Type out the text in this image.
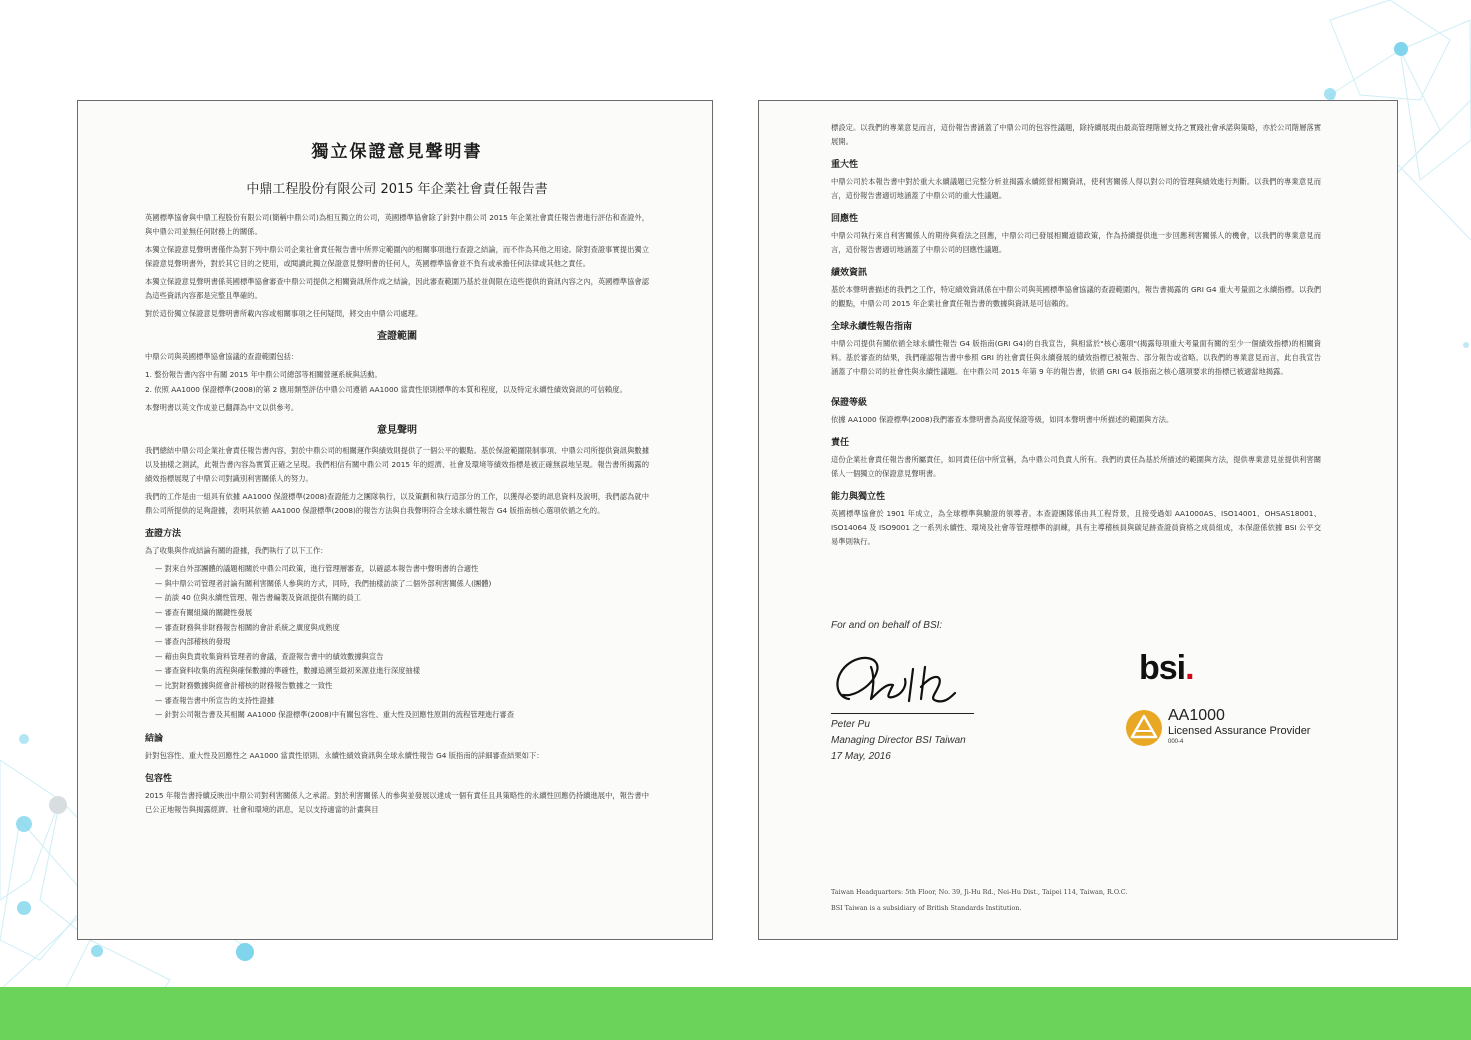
獨立保證意見聲明書
中鼎工程股份有限公司 2015 年企業社會責任報告書

英國標準協會與中鼎工程股份有限公司(簡稱中鼎公司)為相互獨立的公司，英國標準協會除了針對中鼎公司 2015 年企業社會責任報告書進行評估和查證外，與中鼎公司並無任何財務上的關係。

本獨立保證意見聲明書僅作為對下列中鼎公司企業社會責任報告書中所界定範圍內的相關事項進行查證之結論，而不作為其他之用途。除對查證事實提出獨立保證意見聲明書外，對於其它目的之使用，或閱讀此獨立保證意見聲明書的任何人，英國標準協會並不負有或承擔任何法律或其他之責任。

本獨立保證意見聲明書係英國標準協會審查中鼎公司提供之相關資訊所作成之結論，因此審查範圍乃基於並侷限在這些提供的資訊內容之內，英國標準協會認為這些資訊內容都是完整且準確的。

對於這份獨立保證意見聲明書所載內容或相關事項之任何疑問，將交由中鼎公司處理。

查證範圍

中鼎公司與英國標準協會協議的查證範圍包括：

1. 整份報告書內容中有關 2015 年中鼎公司總部等相關營運系統與活動。
2. 依照 AA1000 保證標準(2008)的第 2 應用類型評估中鼎公司遵循 AA1000 當責性原則標準的本質和程度，以及特定永續性績效資訊的可信賴度。

本聲明書以英文作成並已翻譯為中文以供參考。

意見聲明

我們總結中鼎公司企業社會責任報告書內容，對於中鼎公司的相關運作與績效則提供了一個公平的觀點。基於保證範圍限制事項、中鼎公司所提供資訊與數據以及抽樣之測試，此報告書內容為實質正確之呈現。我們相信有關中鼎公司 2015 年的經濟、社會及環境等績效指標是被正確無誤地呈現。報告書所揭露的績效指標展現了中鼎公司對識別利害關係人的努力。

我們的工作是由一組具有依據 AA1000 保證標準(2008)查證能力之團隊執行，以及策劃和執行這部分的工作，以獲得必要的訊息資料及說明，我們認為就中鼎公司所提供的足夠證據，表明其依循 AA1000 保證標準(2008)的報告方法與自我聲明符合全球永續性報告 G4 版指南核心選項依循之允的。

查證方法

為了收集與作成結論有關的證據，我們執行了以下工作：

— 對來自外部團體的議題相關於中鼎公司政策，進行管理層審查，以確認本報告書中聲明書的合適性
— 與中鼎公司管理者討論有關利害關係人參與的方式，同時，我們抽樣訪談了二個外部利害關係人(團體)
— 訪談 40 位與永續性管理、報告書編製及資訊提供有關的員工
— 審查有關組織的關鍵性發展
— 審查財務與非財務報告相關的會計系統之廣度與成熟度
— 審查內部稽核的發現
— 藉由與負責收集資料管理者的會議，查證報告書中的績效數據與宣告
— 審查資料收集的流程與確保數據的準確性，數據追溯至最初來源並進行深度抽樣
— 比對財務數據與經會計稽核的財務報告數據之一致性
— 審查報告書中所宣告的支持性證據
— 針對公司報告書及其相關 AA1000 保證標準(2008)中有關包容性、重大性及回應性原則的流程管理進行審查
結論

針對包容性、重大性及回應性之 AA1000 當責性原則、永續性績效資訊與全球永續性報告 G4 版指南的詳細審查結果如下：

包容性

2015 年報告書持續反映出中鼎公司對利害關係人之承諾。對於利害關係人的參與並發展以達成一個有責任且具策略性的永續性回應仍持續進展中，報告書中已公正地報告與揭露經濟、社會和環境的訊息，足以支持適當的計畫與目

標設定。以我們的專業意見而言，這份報告書涵蓋了中鼎公司的包容性議題，除持續展現由最高管理階層支持之實踐社會承諾與策略，亦於公司階層落實展開。

重大性

中鼎公司於本報告書中對於重大永續議題已完整分析並揭露永續經營相關資訊，使利害關係人得以對公司的管理與績效進行判斷。以我們的專業意見而言，這份報告書適切地涵蓋了中鼎公司的重大性議題。

回應性

中鼎公司執行來自利害關係人的期待與看法之回應，中鼎公司已發展相關道德政策，作為持續提供進一步回應利害關係人的機會，以我們的專業意見而言，這份報告書適切地涵蓋了中鼎公司的回應性議題。

績效資訊

基於本聲明書描述的我們之工作，特定績效資訊係在中鼎公司與英國標準協會協議的查證範圍內，報告書揭露的 GRI G4 重大考量面之永續指標。以我們的觀點，中鼎公司 2015 年企業社會責任報告書的數據與資訊是可信賴的。

全球永續性報告指南

中鼎公司提供有關依循全球永續性報告 G4 版指南(GRI G4)的自我宣告，與相當於"核心選項"(揭露每項重大考量面有關的至少一個績效指標)的相關資料。基於審查的結果，我們確認報告書中參照 GRI 的社會責任與永續發展的績效指標已被報告、部分報告或省略。以我們的專業意見而言，此自我宣告涵蓋了中鼎公司的社會性與永續性議題。在中鼎公司 2015 年第 9 年的報告書，依循 GRI G4 版指南之核心選項要求的指標已被適當地揭露。

保證等級

依據 AA1000 保證標準(2008)我們審查本聲明書為高度保證等級，如同本聲明書中所描述的範圍與方法。

責任

這份企業社會責任報告書所屬責任，如同責任信中所宣稱，為中鼎公司負責人所有。我們的責任為基於所描述的範圍與方法，提供專業意見並提供利害關係人一個獨立的保證意見聲明書。

能力與獨立性

英國標準協會於 1901 年成立，為全球標準與驗證的領導者。本查證團隊係由具工程背景，且接受過如 AA1000AS、ISO14001、OHSAS18001、ISO14064 及 ISO9001 之一系列永續性、環境及社會等管理標準的訓練，具有主導稽核員與碳足跡查證員資格之成員組成，本保證係依據 BSI 公平交易準則執行。

For and on behalf of BSI:
Peter Pu
Managing Director BSI Taiwan
17 May, 2016
bsi.
AA1000
Licensed Assurance Provider
000-4
Taiwan Headquarters: 5th Floor, No. 39, Ji-Hu Rd., Nei-Hu Dist., Taipei 114, Taiwan, R.O.C.
BSI Taiwan is a subsidiary of British Standards Institution.
